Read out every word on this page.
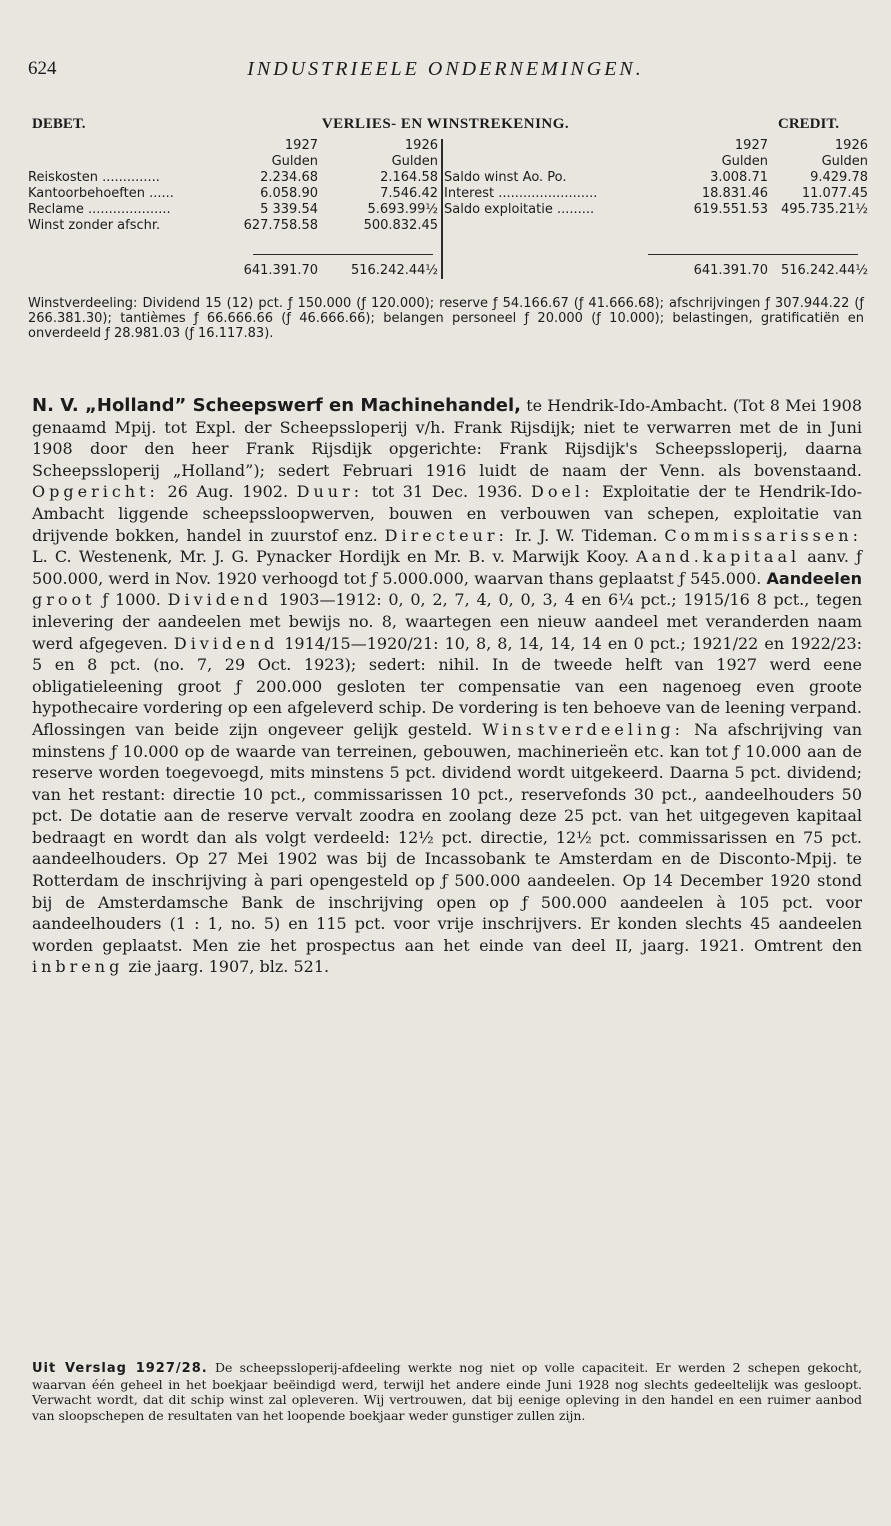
624	INDUSTRIEELE ONDERNEMINGEN.
DEBET.	VERLIES- EN WINSTREKENING.	CREDIT.
1927	1926
Gulden	Gulden
Reiskosten ..............	2.234.68	2.164.58
Kantoorbehoeften ......	6.058.90	7.546.42
Reclame ....................	5 339.54	5.693.99½
Winst zonder afschr.	627.758.58	500.832.45
641.391.70	516.242.44½
1927	1926
Gulden	Gulden
Saldo winst Ao. Po.	3.008.71	9.429.78
Interest ........................	18.831.46	11.077.45
Saldo exploitatie .........	619.551.53 495.735.21½
641.391.70 516.242.44½
Winstverdeeling: Dividend 15 (12) pct. ƒ 150.000 (ƒ 120.000); reserve ƒ 54.166.67 (ƒ 41.666.68); afschrijvingen ƒ 307.944.22 (ƒ 266.381.30); tantièmes ƒ 66.666.66 (ƒ 46.666.66); belangen personeel ƒ 20.000 (ƒ 10.000); belastingen, gratificatiën en onverdeeld ƒ 28.981.03 (ƒ 16.117.83).
N. V. „Holland” Scheepswerf en Machinehandel, te Hendrik-Ido-Ambacht. (Tot 8 Mei 1908 genaamd Mpij. tot Expl. der Scheepssloperij v/h. Frank Rijsdijk; niet te verwarren met de in Juni 1908 door den heer Frank Rijsdijk opgerichte: Frank Rijsdijk's Scheepssloperij, daarna Scheepssloperij „Holland”); sedert Februari 1916 luidt de naam der Venn. als bovenstaand. Opgericht: 26 Aug. 1902. Duur: tot 31 Dec. 1936. Doel: Exploitatie der te Hendrik-Ido-Ambacht liggende scheepssloopwerven, bouwen en verbouwen van schepen, exploitatie van drijvende bokken, handel in zuurstof enz. Directeur: Ir. J. W. Tideman. Commissarissen: L. C. Westenenk, Mr. J. G. Pynacker Hordijk en Mr. B. v. Marwijk Kooy. Aand.kapitaal aanv. ƒ 500.000, werd in Nov. 1920 verhoogd tot ƒ 5.000.000, waarvan thans geplaatst ƒ 545.000. Aandeelen groot ƒ 1000. Dividend 1903—1912: 0, 0, 2, 7, 4, 0, 0, 3, 4 en 6¼ pct.; 1915/16 8 pct., tegen inlevering der aandeelen met bewijs no. 8, waartegen een nieuw aandeel met veranderden naam werd afgegeven. Dividend 1914/15—1920/21: 10, 8, 8, 14, 14, 14 en 0 pct.; 1921/22 en 1922/23: 5 en 8 pct. (no. 7, 29 Oct. 1923); sedert: nihil. In de tweede helft van 1927 werd eene obligatieleening groot ƒ 200.000 gesloten ter compensatie van een nagenoeg even groote hypothecaire vordering op een afgeleverd schip. De vordering is ten behoeve van de leening verpand. Aflossingen van beide zijn ongeveer gelijk gesteld. Winstverdeeling: Na afschrijving van minstens ƒ 10.000 op de waarde van terreinen, gebouwen, machinerieën etc. kan tot ƒ 10.000 aan de reserve worden toegevoegd, mits minstens 5 pct. dividend wordt uitgekeerd. Daarna 5 pct. dividend; van het restant: directie 10 pct., commissarissen 10 pct., reservefonds 30 pct., aandeelhouders 50 pct. De dotatie aan de reserve vervalt zoodra en zoolang deze 25 pct. van het uitgegeven kapitaal bedraagt en wordt dan als volgt verdeeld: 12½ pct. directie, 12½ pct. commissarissen en 75 pct. aandeelhouders. Op 27 Mei 1902 was bij de Incassobank te Amsterdam en de Disconto-Mpij. te Rotterdam de inschrijving à pari opengesteld op ƒ 500.000 aandeelen. Op 14 December 1920 stond bij de Amsterdamsche Bank de inschrijving open op ƒ 500.000 aandeelen à 105 pct. voor aandeelhouders (1 : 1, no. 5) en 115 pct. voor vrije inschrijvers. Er konden slechts 45 aandeelen worden geplaatst. Men zie het prospectus aan het einde van deel II, jaarg. 1921. Omtrent den inbreng zie jaarg. 1907, blz. 521.
Uit Verslag 1927/28. De scheepssloperij-afdeeling werkte nog niet op volle capaciteit. Er werden 2 schepen gekocht, waarvan één geheel in het boekjaar beëindigd werd, terwijl het andere einde Juni 1928 nog slechts gedeeltelijk was gesloopt. Verwacht wordt, dat dit schip winst zal opleveren. Wij vertrouwen, dat bij eenige opleving in den handel en een ruimer aanbod van sloopschepen de resultaten van het loopende boekjaar weder gunstiger zullen zijn.
